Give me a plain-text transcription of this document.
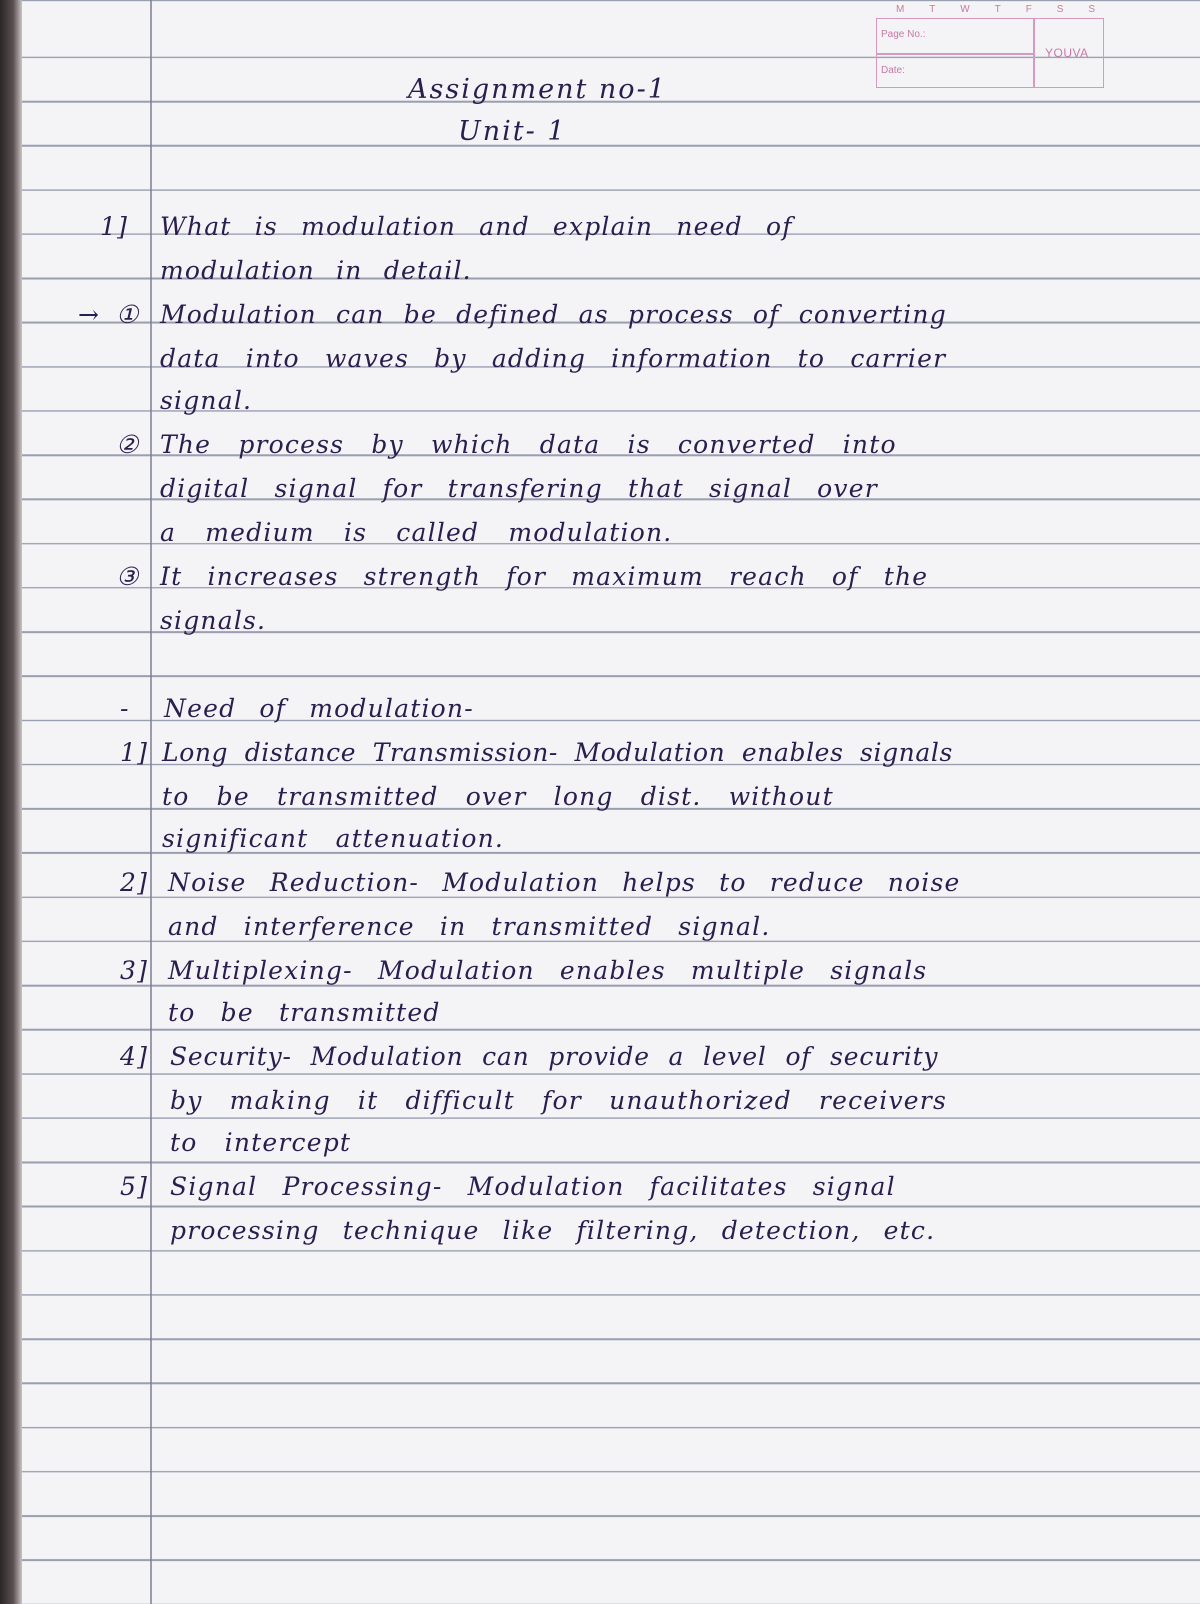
M T W T F S S
Page No.:
Date:
YOUVA
Assignment no-1
Unit- 1
1] What is modulation and explain need of
modulation in detail.
→ ① Modulation can be defined as process of converting
data into waves by adding information to carrier
signal.
② The process by which data is converted into
digital signal for transfering that signal over
a medium is called modulation.
③ It increases strength for maximum reach of the
signals.
- Need of modulation-
1] Long distance Transmission- Modulation enables signals
to be transmitted over long dist. without
significant attenuation.
2] Noise Reduction- Modulation helps to reduce noise
and interference in transmitted signal.
3] Multiplexing- Modulation enables multiple signals
to be transmitted
4] Security- Modulation can provide a level of security
by making it difficult for unauthorized receivers
to intercept
5] Signal Processing- Modulation facilitates signal
processing technique like filtering, detection, etc.
